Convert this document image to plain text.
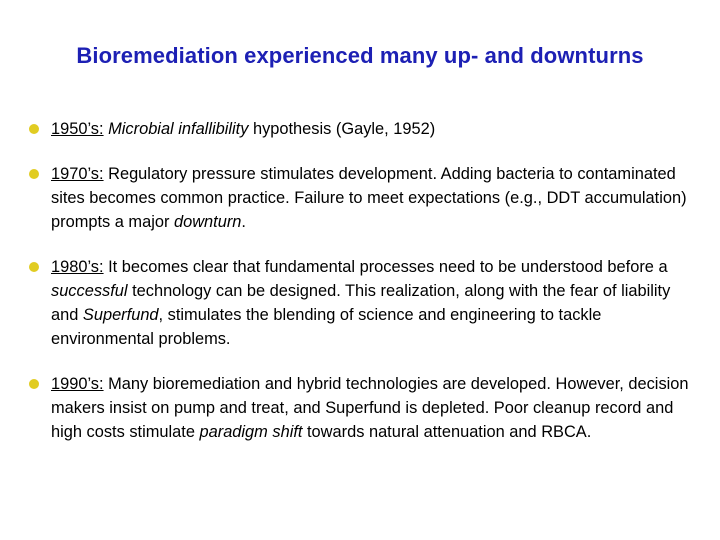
Bioremediation experienced many up- and downturns
1950’s: Microbial infallibility hypothesis (Gayle, 1952)
1970’s: Regulatory pressure stimulates development. Adding bacteria to contaminated sites becomes common practice. Failure to meet expectations (e.g., DDT accumulation) prompts a major downturn.
1980’s: It becomes clear that fundamental processes need to be understood before a successful technology can be designed. This realization, along with the fear of liability and Superfund, stimulates the blending of science and engineering to tackle environmental problems.
1990’s: Many bioremediation and hybrid technologies are developed. However, decision makers insist on pump and treat, and Superfund is depleted. Poor cleanup record and high costs stimulate paradigm shift towards natural attenuation and RBCA.
